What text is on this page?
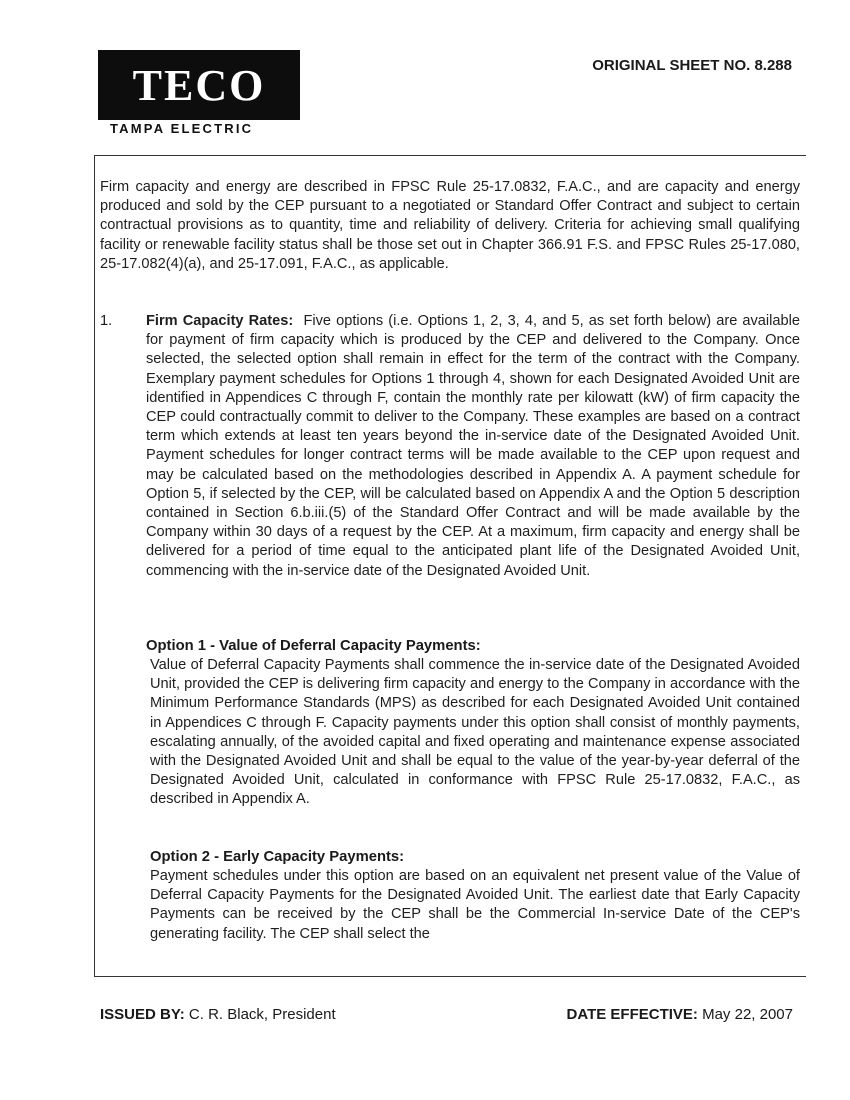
TECO
TAMPA ELECTRIC
ORIGINAL SHEET NO. 8.288

Firm capacity and energy are described in FPSC Rule 25-17.0832, F.A.C., and are capacity and energy produced and sold by the CEP pursuant to a negotiated or Standard Offer Contract and subject to certain contractual provisions as to quantity, time and reliability of delivery. Criteria for achieving small qualifying facility or renewable facility status shall be those set out in Chapter 366.91 F.S. and FPSC Rules 25-17.080, 25-17.082(4)(a), and 25-17.091, F.A.C., as applicable.

1. Firm Capacity Rates: Five options (i.e. Options 1, 2, 3, 4, and 5, as set forth below) are available for payment of firm capacity which is produced by the CEP and delivered to the Company. Once selected, the selected option shall remain in effect for the term of the contract with the Company. Exemplary payment schedules for Options 1 through 4, shown for each Designated Avoided Unit are identified in Appendices C through F, contain the monthly rate per kilowatt (kW) of firm capacity the CEP could contractually commit to deliver to the Company. These examples are based on a contract term which extends at least ten years beyond the in-service date of the Designated Avoided Unit. Payment schedules for longer contract terms will be made available to the CEP upon request and may be calculated based on the methodologies described in Appendix A. A payment schedule for Option 5, if selected by the CEP, will be calculated based on Appendix A and the Option 5 description contained in Section 6.b.iii.(5) of the Standard Offer Contract and will be made available by the Company within 30 days of a request by the CEP. At a maximum, firm capacity and energy shall be delivered for a period of time equal to the anticipated plant life of the Designated Avoided Unit, commencing with the in-service date of the Designated Avoided Unit.

Option 1 - Value of Deferral Capacity Payments:

Value of Deferral Capacity Payments shall commence the in-service date of the Designated Avoided Unit, provided the CEP is delivering firm capacity and energy to the Company in accordance with the Minimum Performance Standards (MPS) as described for each Designated Avoided Unit contained in Appendices C through F. Capacity payments under this option shall consist of monthly payments, escalating annually, of the avoided capital and fixed operating and maintenance expense associated with the Designated Avoided Unit and shall be equal to the value of the year-by-year deferral of the Designated Avoided Unit, calculated in conformance with FPSC Rule 25-17.0832, F.A.C., as described in Appendix A.

Option 2 - Early Capacity Payments:

Payment schedules under this option are based on an equivalent net present value of the Value of Deferral Capacity Payments for the Designated Avoided Unit. The earliest date that Early Capacity Payments can be received by the CEP shall be the Commercial In-service Date of the CEP's generating facility. The CEP shall select the

ISSUED BY: C. R. Black, President	DATE EFFECTIVE: May 22, 2007
